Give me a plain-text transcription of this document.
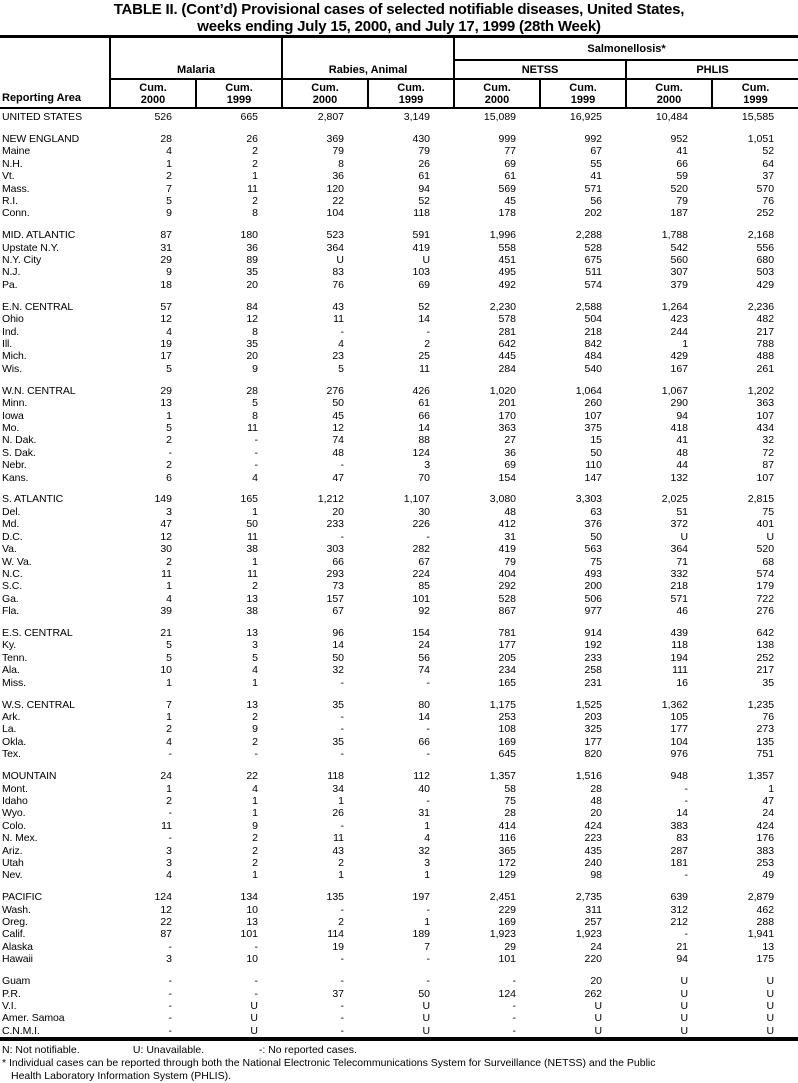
TABLE II. (Cont’d) Provisional cases of selected notifiable diseases, United States,
weeks ending July 15, 2000, and July 17, 1999 (28th Week)
Reporting Area	Malaria		Rabies, Animal		Salmonellosis*			
					NETSS		PHLIS	

Cum.
2000

Cum.
1999

Cum.
2000

Cum.
1999

Cum.
2000

Cum.
1999

Cum.
2000

Cum.
1999

UNITED STATES	526	665	2,807	3,149	15,089	16,925	10,484	15,585

NEW ENGLAND	28	26	369	430	999	992	952	1,051
Maine	4	2	79	79	77	67	41	52
N.H.	1	2	8	26	69	55	66	64
Vt.	2	1	36	61	61	41	59	37
Mass.	7	11	120	94	569	571	520	570
R.I.	5	2	22	52	45	56	79	76
Conn.	9	8	104	118	178	202	187	252

MID. ATLANTIC	87	180	523	591	1,996	2,288	1,788	2,168
Upstate N.Y.	31	36	364	419	558	528	542	556
N.Y. City	29	89	U	U	451	675	560	680
N.J.	9	35	83	103	495	511	307	503
Pa.	18	20	76	69	492	574	379	429

E.N. CENTRAL	57	84	43	52	2,230	2,588	1,264	2,236
Ohio	12	12	11	14	578	504	423	482
Ind.	4	8	-	-	281	218	244	217
Ill.	19	35	4	2	642	842	1	788
Mich.	17	20	23	25	445	484	429	488
Wis.	5	9	5	11	284	540	167	261

W.N. CENTRAL	29	28	276	426	1,020	1,064	1,067	1,202
Minn.	13	5	50	61	201	260	290	363
Iowa	1	8	45	66	170	107	94	107
Mo.	5	11	12	14	363	375	418	434
N. Dak.	2	-	74	88	27	15	41	32
S. Dak.	-	-	48	124	36	50	48	72
Nebr.	2	-	-	3	69	110	44	87
Kans.	6	4	47	70	154	147	132	107

S. ATLANTIC	149	165	1,212	1,107	3,080	3,303	2,025	2,815
Del.	3	1	20	30	48	63	51	75
Md.	47	50	233	226	412	376	372	401
D.C.	12	11	-	-	31	50	U	U
Va.	30	38	303	282	419	563	364	520
W. Va.	2	1	66	67	79	75	71	68
N.C.	11	11	293	224	404	493	332	574
S.C.	1	2	73	85	292	200	218	179
Ga.	4	13	157	101	528	506	571	722
Fla.	39	38	67	92	867	977	46	276

E.S. CENTRAL	21	13	96	154	781	914	439	642
Ky.	5	3	14	24	177	192	118	138
Tenn.	5	5	50	56	205	233	194	252
Ala.	10	4	32	74	234	258	111	217
Miss.	1	1	-	-	165	231	16	35

W.S. CENTRAL	7	13	35	80	1,175	1,525	1,362	1,235
Ark.	1	2	-	14	253	203	105	76
La.	2	9	-	-	108	325	177	273
Okla.	4	2	35	66	169	177	104	135
Tex.	-	-	-	-	645	820	976	751

MOUNTAIN	24	22	118	112	1,357	1,516	948	1,357
Mont.	1	4	34	40	58	28	-	1
Idaho	2	1	1	-	75	48	-	47
Wyo.	-	1	26	31	28	20	14	24
Colo.	11	9	-	1	414	424	383	424
N. Mex.	-	2	11	4	116	223	83	176
Ariz.	3	2	43	32	365	435	287	383
Utah	3	2	2	3	172	240	181	253
Nev.	4	1	1	1	129	98	-	49

PACIFIC	124	134	135	197	2,451	2,735	639	2,879
Wash.	12	10	-	-	229	311	312	462
Oreg.	22	13	2	1	169	257	212	288
Calif.	87	101	114	189	1,923	1,923	-	1,941
Alaska	-	-	19	7	29	24	21	13
Hawaii	3	10	-	-	101	220	94	175

Guam	-	-	-	-	-	20	U	U
P.R.	-	-	37	50	124	262	U	U
V.I.	-	U	-	U	-	U	U	U
Amer. Samoa	-	U	-	U	-	U	U	U
C.N.M.I.	-	U	-	U	-	U	U	U
N: Not notifiable.	U: Unavailable.	-: No reported cases.
* Individual cases can be reported through both the National Electronic Telecommunications System for Surveillance (NETSS) and the Public
Health Laboratory Information System (PHLIS).
